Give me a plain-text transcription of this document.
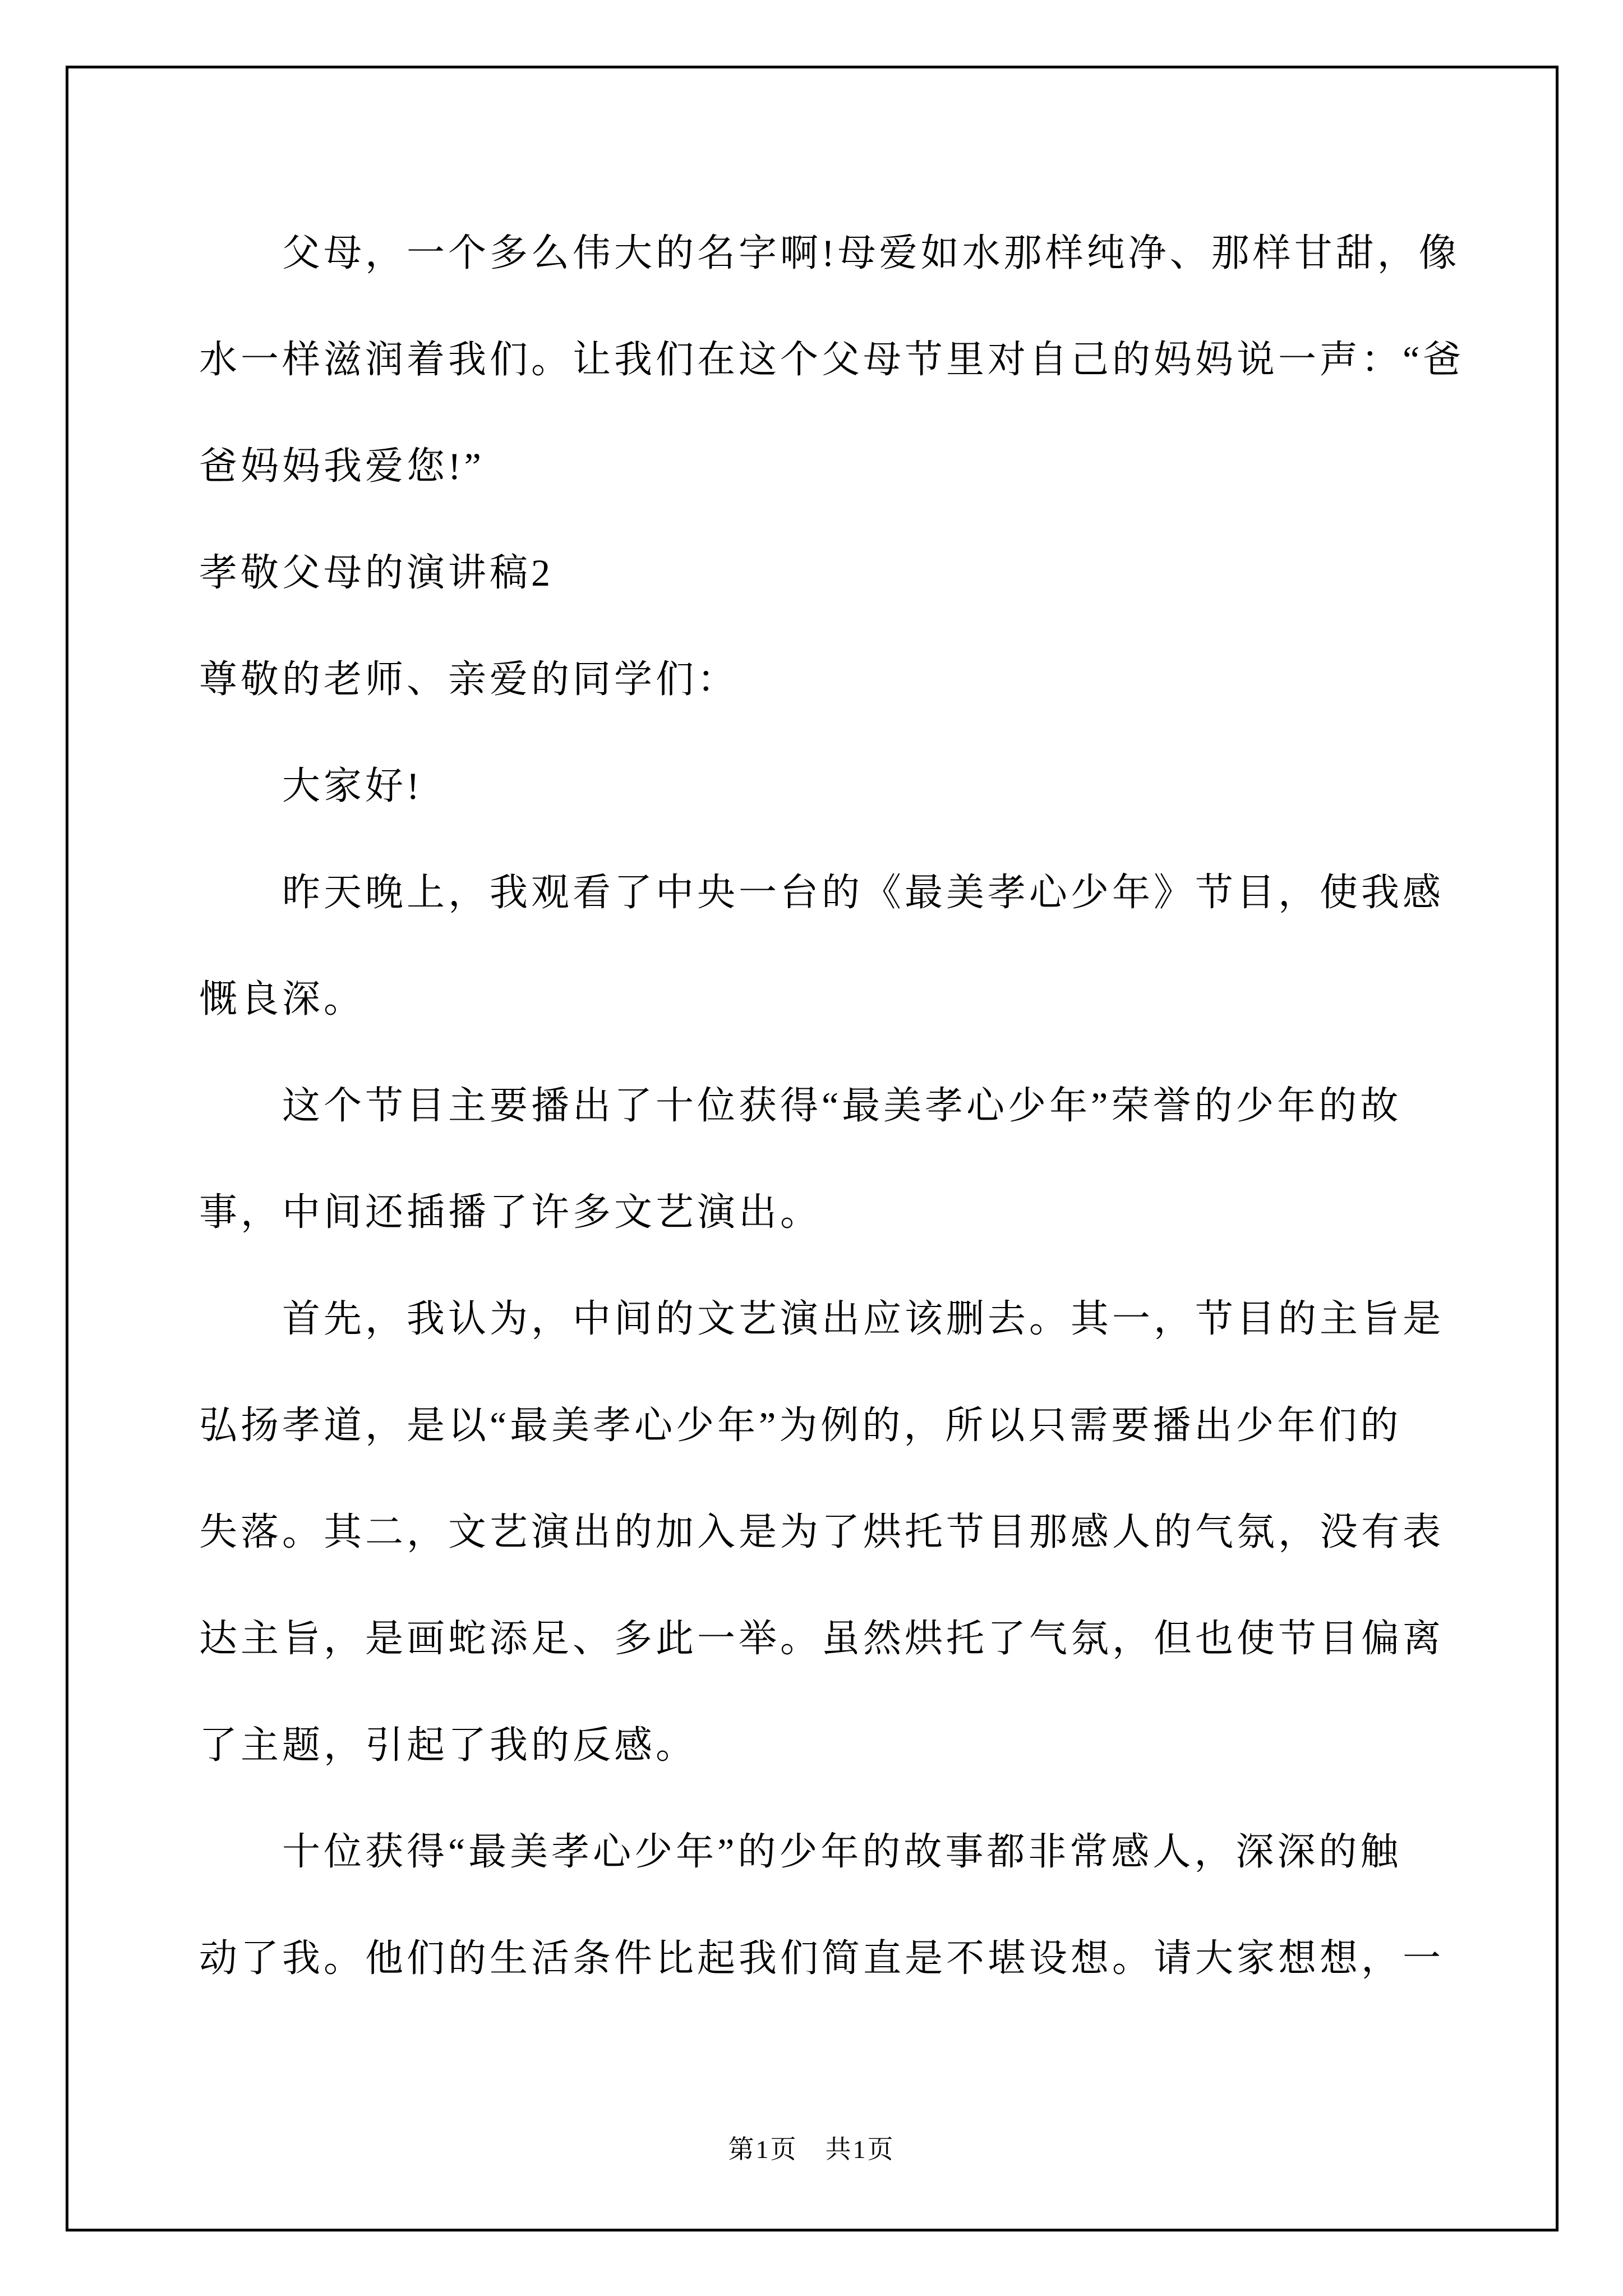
父母，一个多么伟大的名字啊!母爱如水那样纯净、那样甘甜，像
水一样滋润着我们。让我们在这个父母节里对自己的妈妈说一声：“爸
爸妈妈我爱您!”
孝敬父母的演讲稿2
尊敬的老师、亲爱的同学们：
大家好!
昨天晚上，我观看了中央一台的《最美孝心少年》节目，使我感
慨良深。
这个节目主要播出了十位获得“最美孝心少年”荣誉的少年的故
事，中间还插播了许多文艺演出。
首先，我认为，中间的文艺演出应该删去。其一，节目的主旨是
弘扬孝道，是以“最美孝心少年”为例的，所以只需要播出少年们的
失落。其二，文艺演出的加入是为了烘托节目那感人的气氛，没有表
达主旨，是画蛇添足、多此一举。虽然烘托了气氛，但也使节目偏离
了主题，引起了我的反感。
十位获得“最美孝心少年”的少年的故事都非常感人，深深的触
动了我。他们的生活条件比起我们简直是不堪设想。请大家想想，一
第1页　共1页
